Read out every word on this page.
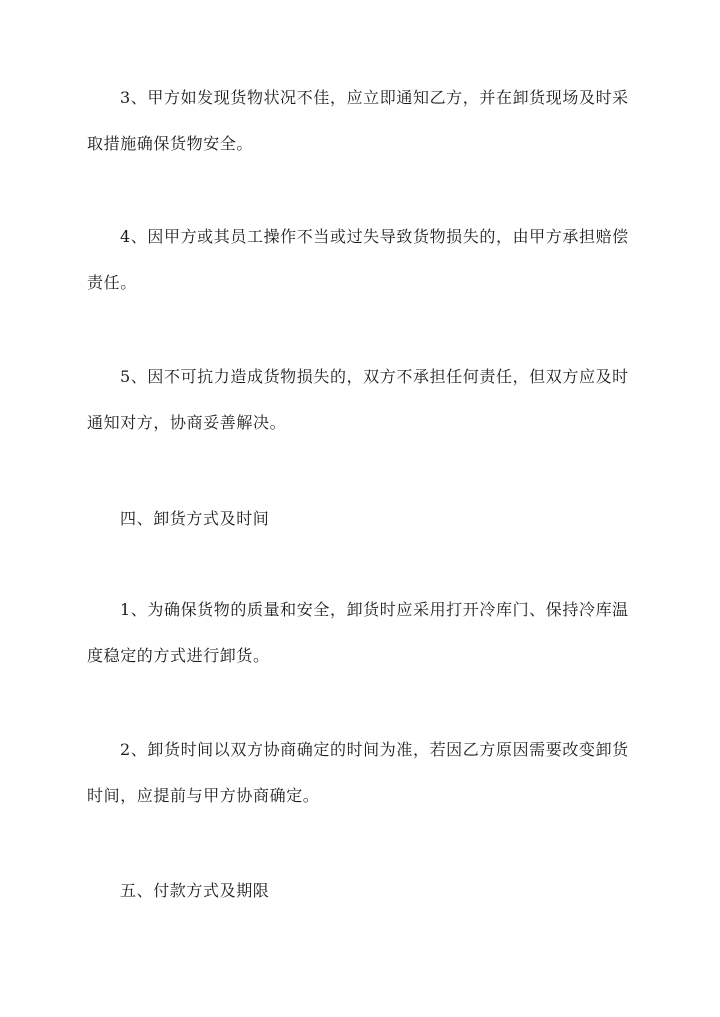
3、甲方如发现货物状况不佳，应立即通知乙方，并在卸货现场及时采取措施确保货物安全。

4、因甲方或其员工操作不当或过失导致货物损失的，由甲方承担赔偿责任。

5、因不可抗力造成货物损失的，双方不承担任何责任，但双方应及时通知对方，协商妥善解决。

四、卸货方式及时间

1、为确保货物的质量和安全，卸货时应采用打开冷库门、保持冷库温度稳定的方式进行卸货。

2、卸货时间以双方协商确定的时间为准，若因乙方原因需要改变卸货时间，应提前与甲方协商确定。

五、付款方式及期限
